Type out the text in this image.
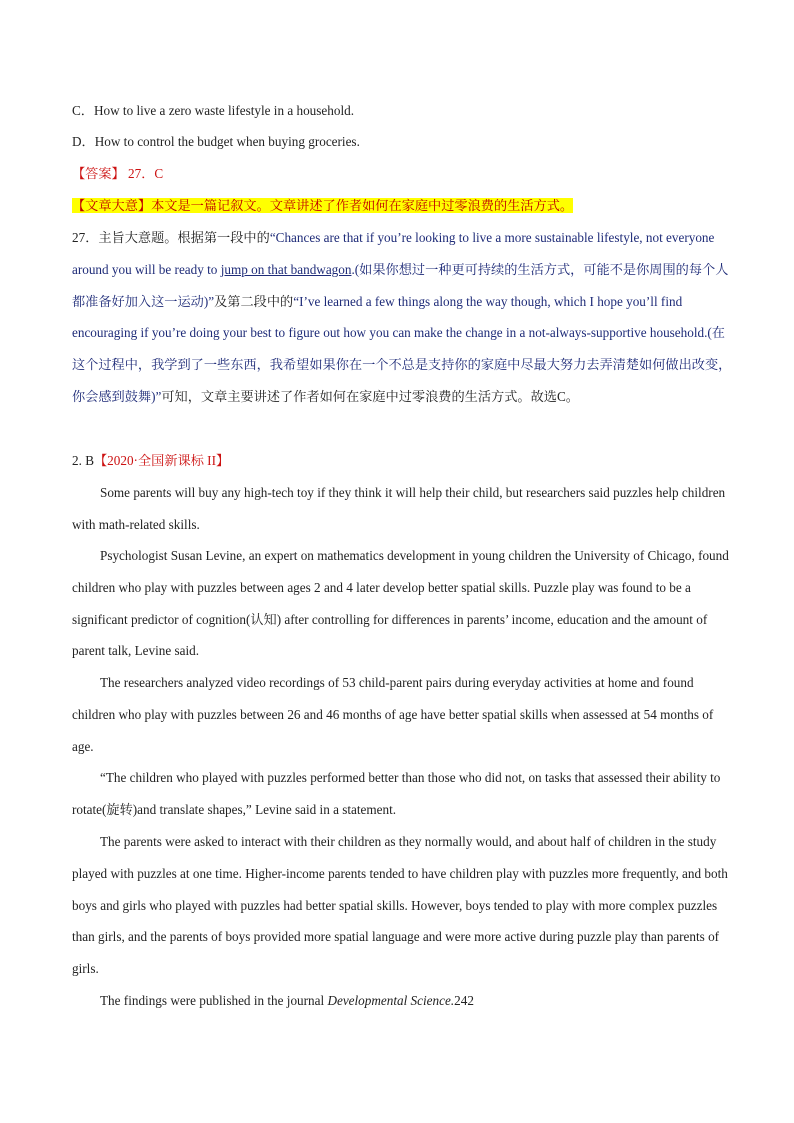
C．How to live a zero waste lifestyle in a household.

D．How to control the budget when buying groceries.

【答案】 27．C

【文章大意】本文是一篇记叙文。文章讲述了作者如何在家庭中过零浪费的生活方式。

27．主旨大意题。根据第一段中的“Chances are that if you’re looking to live a more sustainable lifestyle, not everyone around you will be ready to jump on that bandwagon.(如果你想过一种更可持续的生活方式，可能不是你周围的每个人都准备好加入这一运动)”及第二段中的“I’ve learned a few things along the way though, which I hope you’ll find encouraging if you’re doing your best to figure out how you can make the change in a not-always-supportive household.(在这个过程中，我学到了一些东西，我希望如果你在一个不总是支持你的家庭中尽最大努力去弄清楚如何做出改变，你会感到鼓舞)”可知，文章主要讲述了作者如何在家庭中过零浪费的生活方式。故选C。

2. B【2020·全国新课标 II】

Some parents will buy any high-tech toy if they think it will help their child, but researchers said puzzles help children with math-related skills.

Psychologist Susan Levine, an expert on mathematics development in young children the University of Chicago, found children who play with puzzles between ages 2 and 4 later develop better spatial skills. Puzzle play was found to be a significant predictor of cognition(认知) after controlling for differences in parents’ income, education and the amount of parent talk, Levine said.

The researchers analyzed video recordings of 53 child-parent pairs during everyday activities at home and found children who play with puzzles between 26 and 46 months of age have better spatial skills when assessed at 54 months of age.

“The children who played with puzzles performed better than those who did not, on tasks that assessed their ability to rotate(旋转)and translate shapes,” Levine said in a statement.

The parents were asked to interact with their children as they normally would, and about half of children in the study played with puzzles at one time. Higher-income parents tended to have children play with puzzles more frequently, and both boys and girls who played with puzzles had better spatial skills. However, boys tended to play with more complex puzzles than girls, and the parents of boys provided more spatial language and were more active during puzzle play than parents of girls.

The findings were published in the journal Developmental Science.242
